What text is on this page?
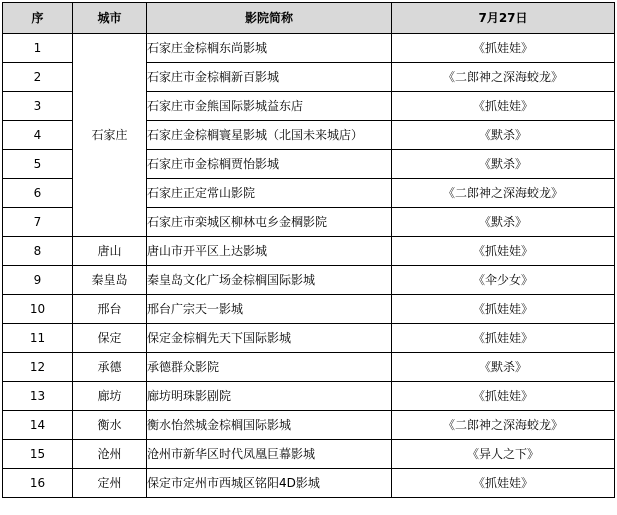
序	城市	影院简称	7月27日
1	石家庄	石家庄金棕榈东尚影城	《抓娃娃》
2		石家庄市金棕榈新百影城	《二郎神之深海蛟龙》
3		石家庄市金熊国际影城益东店	《抓娃娃》
4		石家庄金棕榈寰星影城（北国未来城店）	《默杀》
5		石家庄市金棕榈贾怡影城	《默杀》
6		石家庄正定常山影院	《二郎神之深海蛟龙》
7		石家庄市栾城区柳林屯乡金棡影院	《默杀》
8	唐山	唐山市开平区上达影城	《抓娃娃》
9	秦皇岛	秦皇岛文化广场金棕榈国际影城	《伞少女》
10	邢台	邢台广宗天一影城	《抓娃娃》
11	保定	保定金棕榈先天下国际影城	《抓娃娃》
12	承德	承德群众影院	《默杀》
13	廊坊	廊坊明珠影剧院	《抓娃娃》
14	衡水	衡水怡然城金棕榈国际影城	《二郎神之深海蛟龙》
15	沧州	沧州市新华区时代凤凰巨幕影城	《异人之下》
16	定州	保定市定州市西城区铭阳4D影城	《抓娃娃》
